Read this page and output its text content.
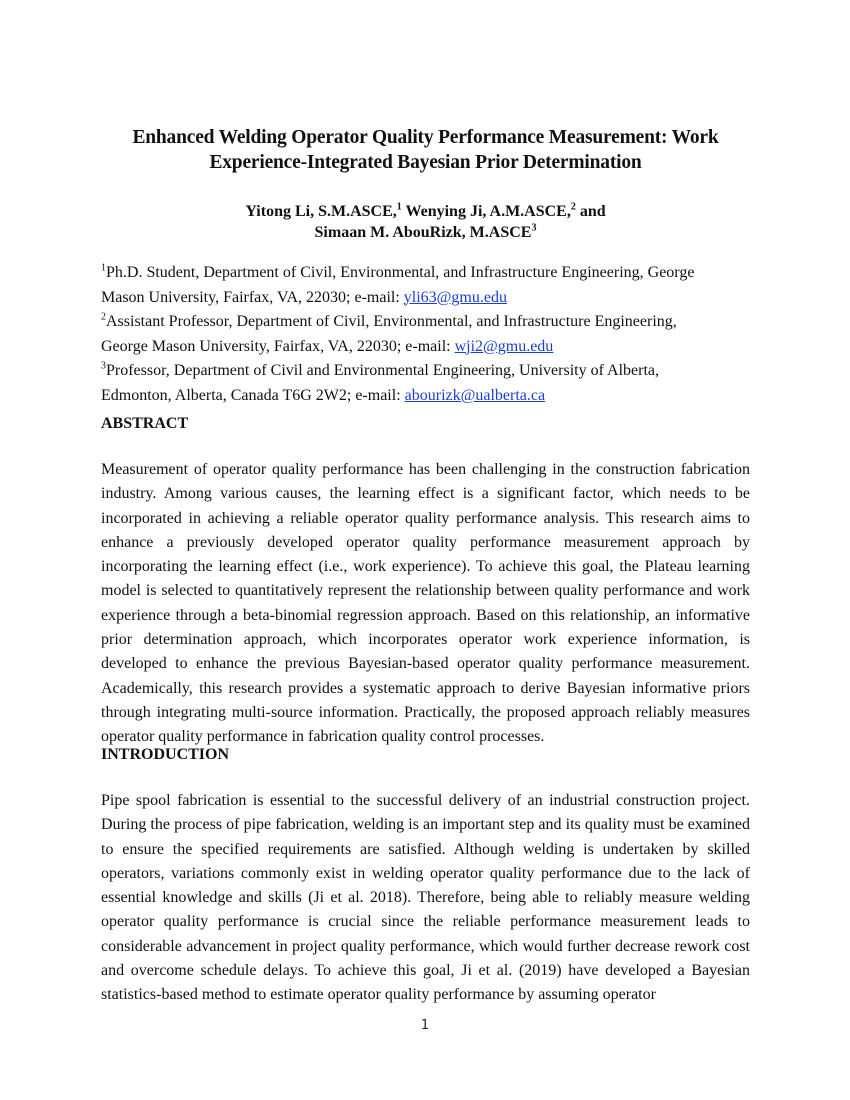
Enhanced Welding Operator Quality Performance Measurement: Work
Experience-Integrated Bayesian Prior Determination
Yitong Li, S.M.ASCE,$^1$ Wenying Ji, A.M.ASCE,$^2$ and
Simaan M. AbouRizk, M.ASCE$^3$
$^1$Ph.D. Student, Department of Civil, Environmental, and Infrastructure Engineering, George
Mason University, Fairfax, VA, 22030; e-mail: yli63@gmu.edu
$^2$Assistant Professor, Department of Civil, Environmental, and Infrastructure Engineering,
George Mason University, Fairfax, VA, 22030; e-mail: wji2@gmu.edu
$^3$Professor, Department of Civil and Environmental Engineering, University of Alberta,
Edmonton, Alberta, Canada T6G 2W2; e-mail: abourizk@ualberta.ca
ABSTRACT
Measurement of operator quality performance has been challenging in the construction fabrication industry. Among various causes, the learning effect is a significant factor, which needs to be incorporated in achieving a reliable operator quality performance analysis. This research aims to enhance a previously developed operator quality performance measurement approach by incorporating the learning effect (i.e., work experience). To achieve this goal, the Plateau learning model is selected to quantitatively represent the relationship between quality performance and work experience through a beta-binomial regression approach. Based on this relationship, an informative prior determination approach, which incorporates operator work experience information, is developed to enhance the previous Bayesian-based operator quality performance measurement. Academically, this research provides a systematic approach to derive Bayesian informative priors through integrating multi-source information. Practically, the proposed approach reliably measures operator quality performance in fabrication quality control processes.
INTRODUCTION
Pipe spool fabrication is essential to the successful delivery of an industrial construction project. During the process of pipe fabrication, welding is an important step and its quality must be examined to ensure the specified requirements are satisfied. Although welding is undertaken by skilled operators, variations commonly exist in welding operator quality performance due to the lack of essential knowledge and skills (Ji et al. 2018). Therefore, being able to reliably measure welding operator quality performance is crucial since the reliable performance measurement leads to considerable advancement in project quality performance, which would further decrease rework cost and overcome schedule delays. To achieve this goal, Ji et al. (2019) have developed a Bayesian statistics-based method to estimate operator quality performance by assuming operator
1
